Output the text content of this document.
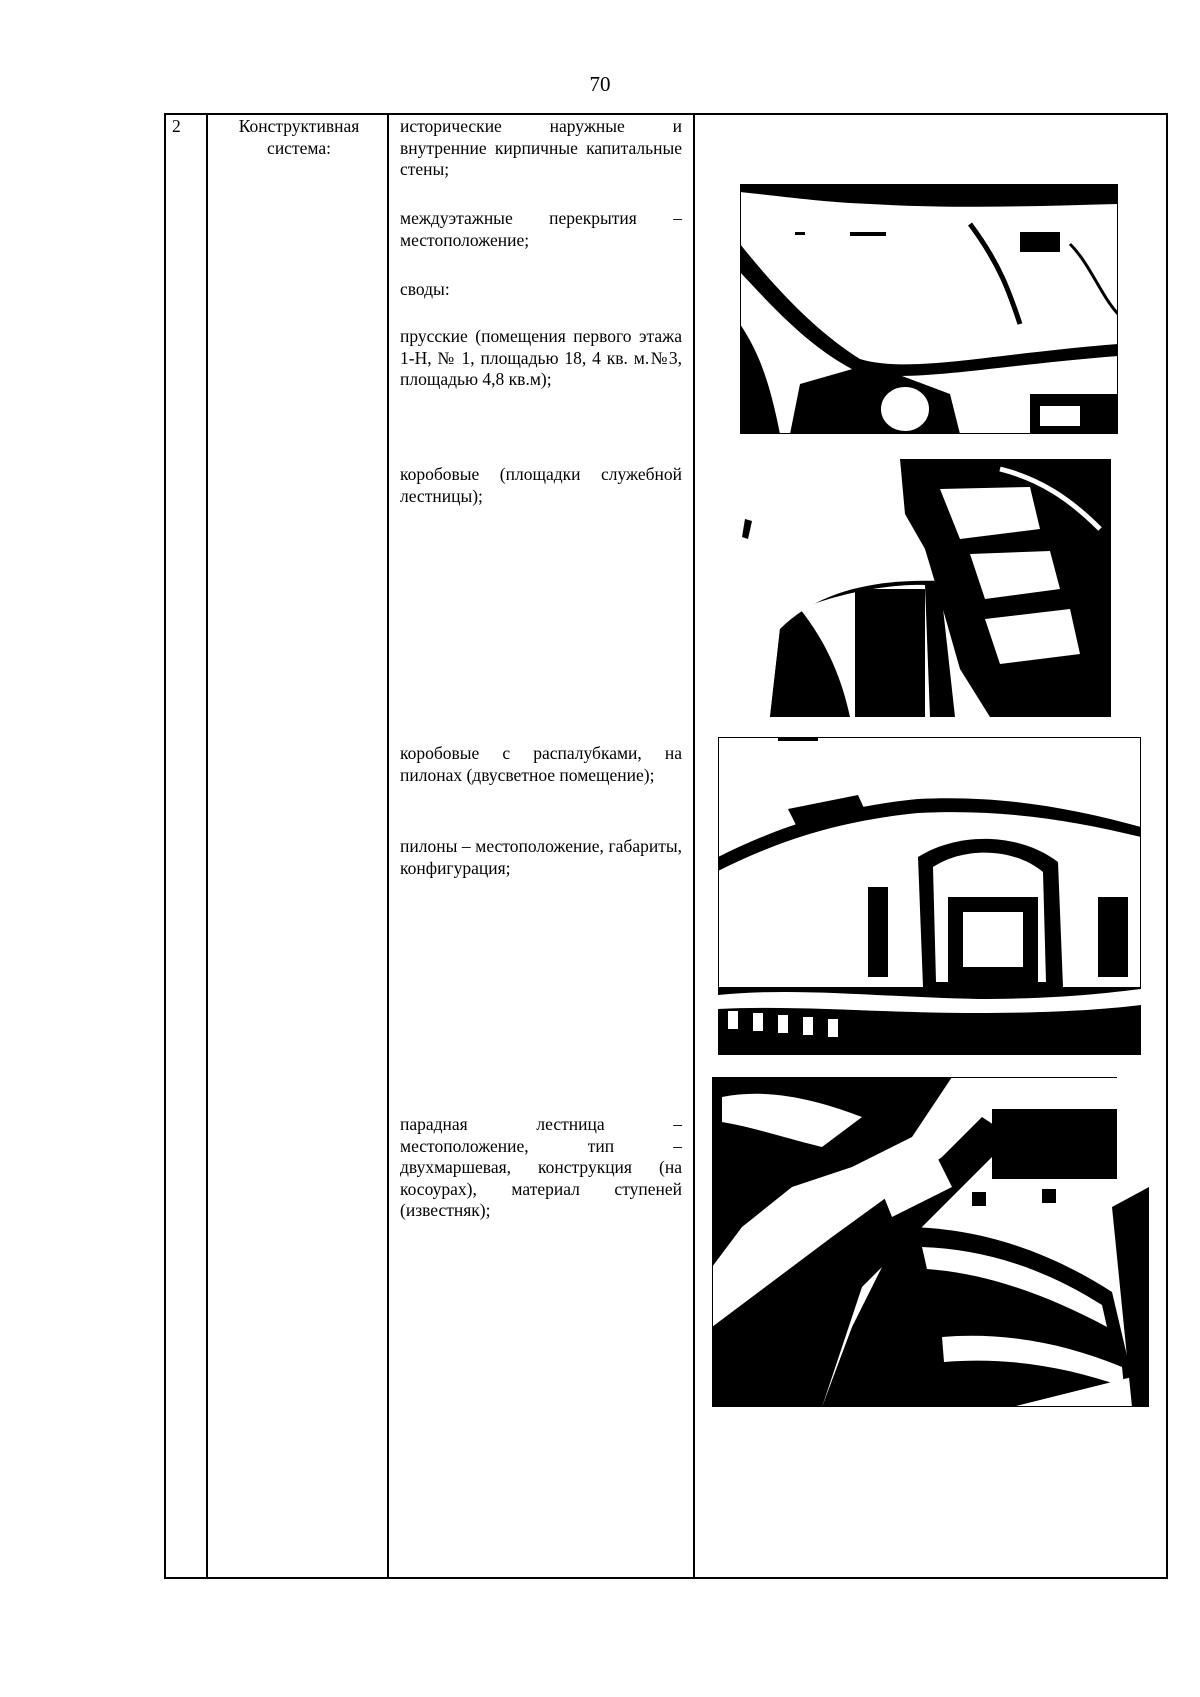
70
2	Конструктивная система:
исторические наружные и внутренние кирпичные капитальные стены;
междуэтажные перекрытия – местоположение;
своды:
прусские (помещения первого этажа 1-Н, № 1, площадью 18, 4 кв. м.№3, площадью 4,8 кв.м);
коробовые (площадки служебной лестницы);
коробовые с распалубками, на пилонах (двусветное помещение);
пилоны – местоположение, габариты, конфигурация;
парадная лестница – местоположение, тип – двухмаршевая, конструкция (на косоурах), материал ступеней (известняк);
